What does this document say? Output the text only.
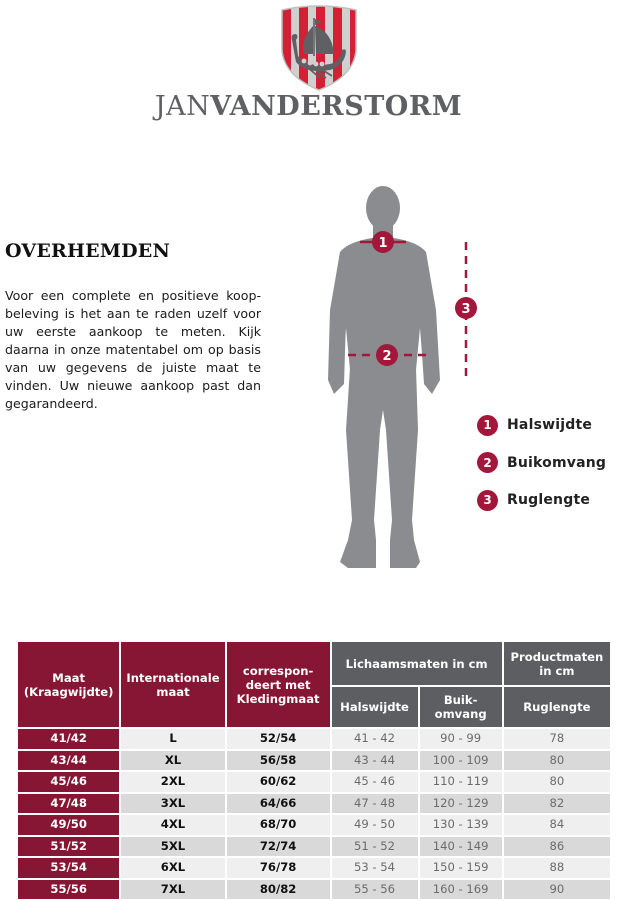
JANVANDERSTORM
OVERHEMDEN
Voor een complete en positieve koopbeleving is het aan te raden uzelf voor uw eerste aankoop te meten. Kijk daarna in onze matentabel om op basis van uw gegevens de juiste maat te vinden. Uw nieuwe aankoop past dan gegarandeerd.
1
2
3
1	Halswijdte
2	Buikomvang
3	Ruglengte
Maat (Kraagwijdte)	Internationale maat	correspon-deert met Kledingmaat	Lichaamsmaten in cm		Productmaten in cm
			Halswijdte	Buik-omvang	Ruglengte
41/42	L	52/54	41 - 42	90 - 99	78
43/44	XL	56/58	43 - 44	100 - 109	80
45/46	2XL	60/62	45 - 46	110 - 119	80
47/48	3XL	64/66	47 - 48	120 - 129	82
49/50	4XL	68/70	49 - 50	130 - 139	84
51/52	5XL	72/74	51 - 52	140 - 149	86
53/54	6XL	76/78	53 - 54	150 - 159	88
55/56	7XL	80/82	55 - 56	160 - 169	90
